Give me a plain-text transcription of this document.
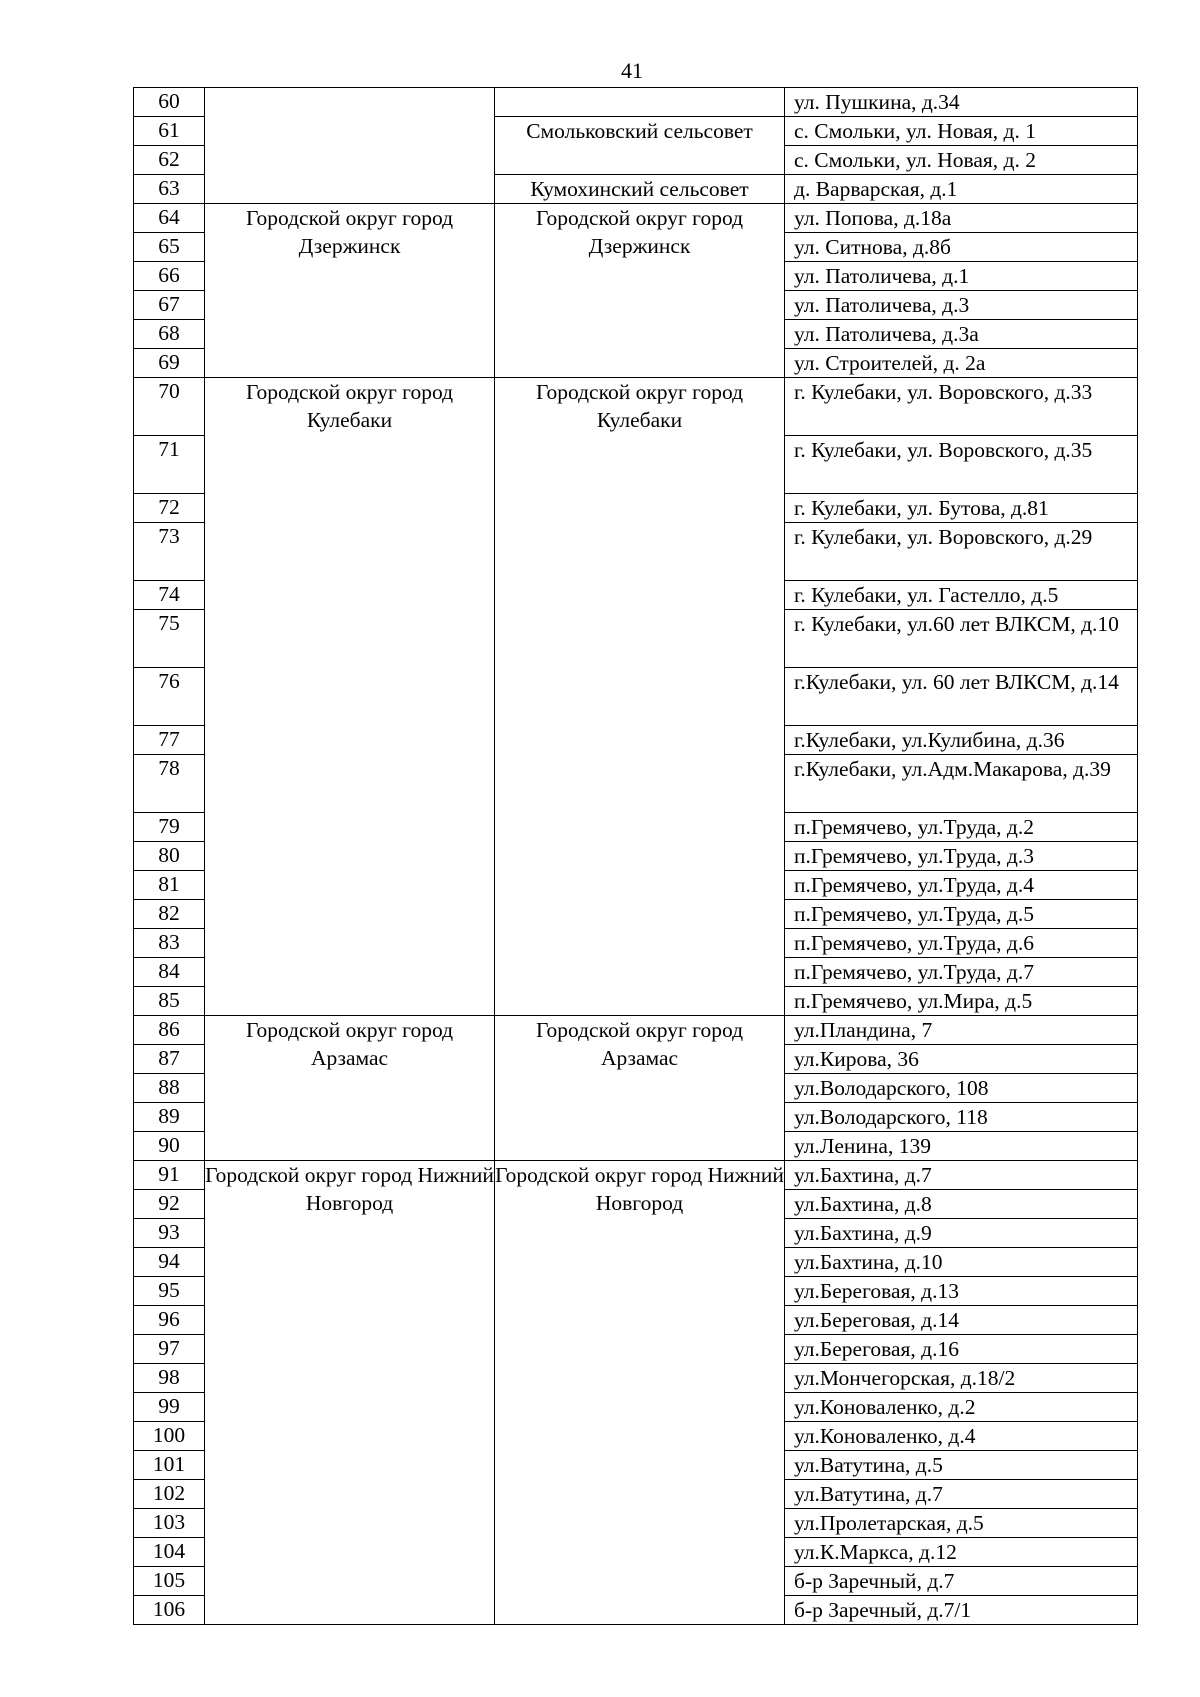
41
60			ул. Пушкина, д.34
61		Смольковский сельсовет	с. Смольки, ул. Новая, д. 1
62			с. Смольки, ул. Новая, д. 2
63		Кумохинский сельсовет	д. Варварская, д.1
64	Городской округ город Дзержинск	Городской округ город Дзержинск	ул. Попова, д.18а
65			ул. Ситнова, д.8б
66			ул. Патоличева, д.1
67			ул. Патоличева, д.3
68			ул. Патоличева, д.3а
69			ул. Строителей, д. 2а
70	Городской округ город Кулебаки	Городской округ город Кулебаки	г. Кулебаки, ул. Воровского, д.33
71			г. Кулебаки, ул. Воровского, д.35
72			г. Кулебаки, ул. Бутова, д.81
73			г. Кулебаки, ул. Воровского, д.29
74			г. Кулебаки, ул. Гастелло, д.5
75			г. Кулебаки, ул.60 лет ВЛКСМ, д.10
76			г.Кулебаки, ул. 60 лет ВЛКСМ, д.14
77			г.Кулебаки, ул.Кулибина, д.36
78			г.Кулебаки, ул.Адм.Макарова, д.39
79			п.Гремячево, ул.Труда, д.2
80			п.Гремячево, ул.Труда, д.3
81			п.Гремячево, ул.Труда, д.4
82			п.Гремячево, ул.Труда, д.5
83			п.Гремячево, ул.Труда, д.6
84			п.Гремячево, ул.Труда, д.7
85			п.Гремячево, ул.Мира, д.5
86	Городской округ город Арзамас	Городской округ город Арзамас	ул.Пландина, 7
87			ул.Кирова, 36
88			ул.Володарского, 108
89			ул.Володарского, 118
90			ул.Ленина, 139
91	Городской округ город Нижний Новгород	Городской округ город Нижний Новгород	ул.Бахтина, д.7
92			ул.Бахтина, д.8
93			ул.Бахтина, д.9
94			ул.Бахтина, д.10
95			ул.Береговая, д.13
96			ул.Береговая, д.14
97			ул.Береговая, д.16
98			ул.Мончегорская, д.18/2
99			ул.Коноваленко, д.2
100			ул.Коноваленко, д.4
101			ул.Ватутина, д.5
102			ул.Ватутина, д.7
103			ул.Пролетарская, д.5
104			ул.К.Маркса, д.12
105			б-р Заречный, д.7
106			б-р Заречный, д.7/1
